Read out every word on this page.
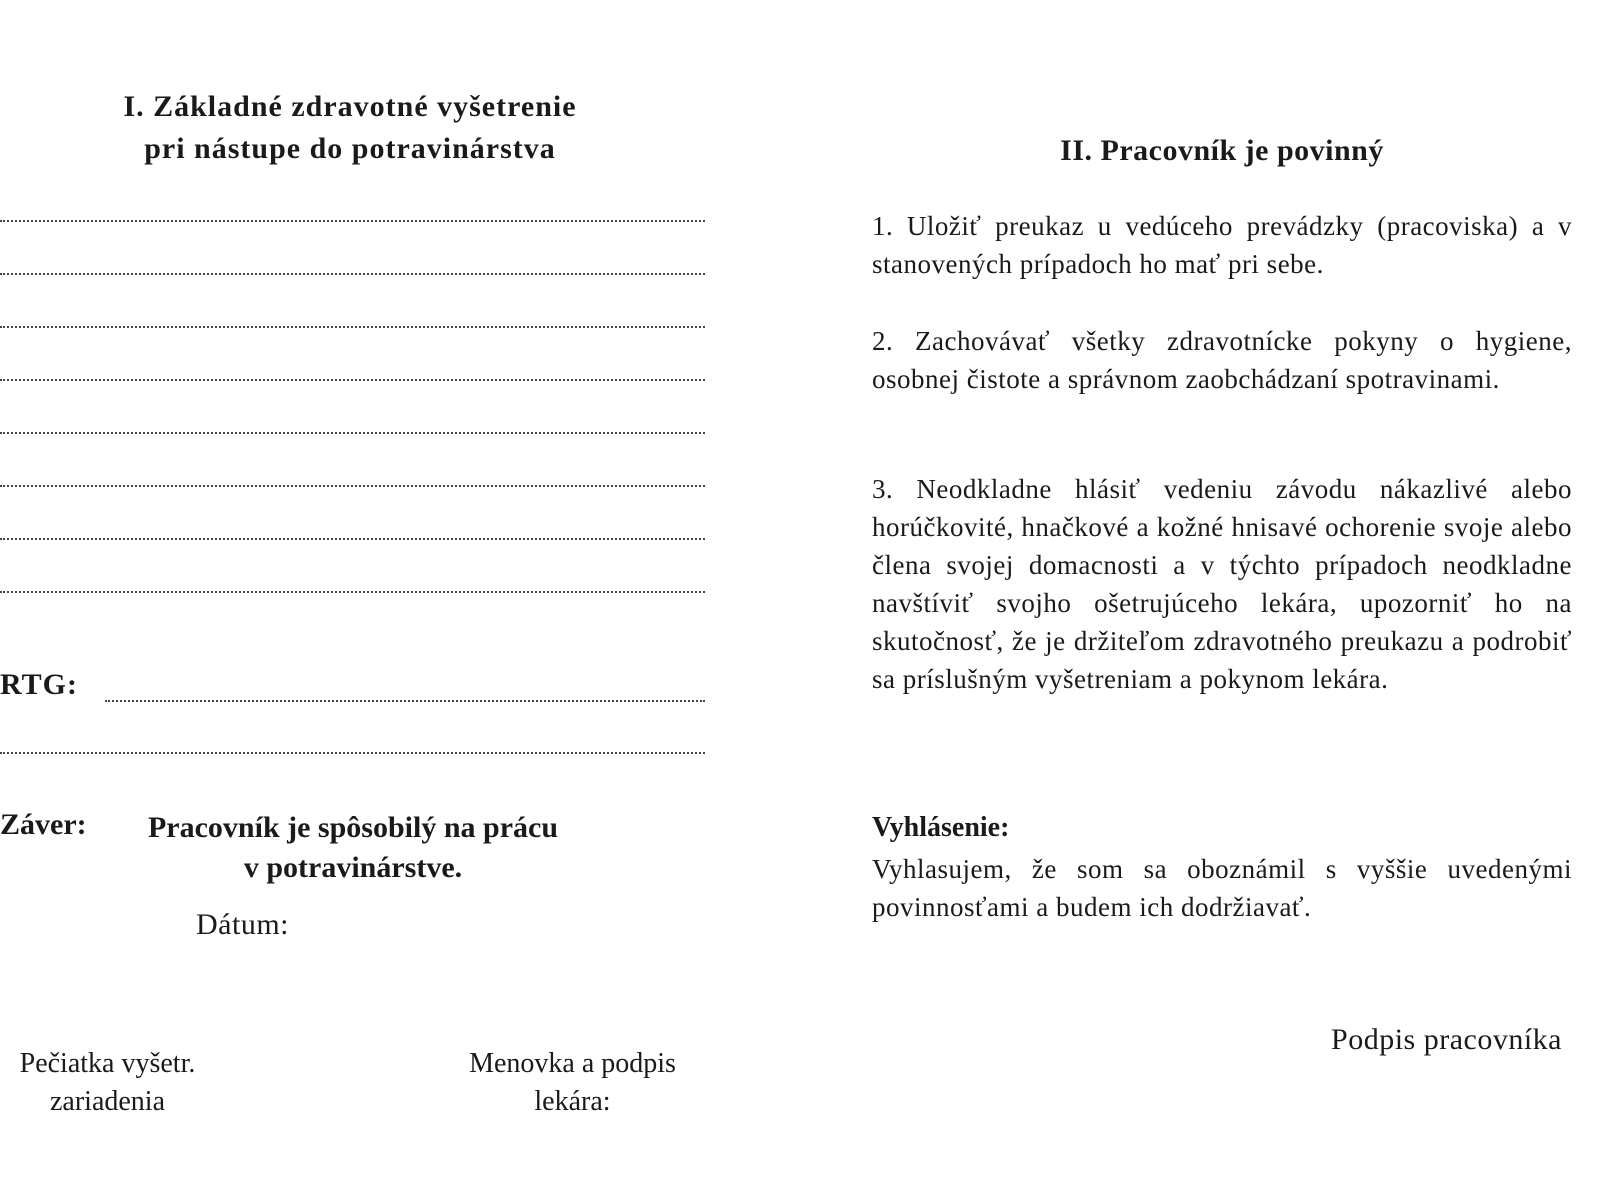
I. Základné zdravotné vyšetrenie
pri nástupe do potravinárstva
RTG:
Záver:	Pracovník je spôsobilý na prácu
v potravinárstve.
Dátum:
Pečiatka vyšetr.
zariadenia
Menovka a podpis
lekára:
II. Pracovník je povinný
1. Uložiť preukaz u vedúceho prevádzky (pracoviska) a v stanovených prípadoch ho mať pri sebe.
2. Zachovávať všetky zdravotnícke pokyny o hygiene, osobnej čistote a správnom zaobchádzaní spotravinami.
3. Neodkladne hlásiť vedeniu závodu nákazlivé alebo horúčkovité, hnačkové a kožné hnisavé ochorenie svoje alebo člena svojej domacnosti a v týchto prípadoch neodkladne navštíviť svojho ošetrujúceho lekára, upozorniť ho na skutočnosť, že je držiteľom zdravotného preukazu a podrobiť sa príslušným vyšetreniam a pokynom lekára.
Vyhlásenie:
Vyhlasujem, že som sa oboznámil s vyššie uvedenými povinnosťami a budem ich dodržiavať.
Podpis pracovníka
